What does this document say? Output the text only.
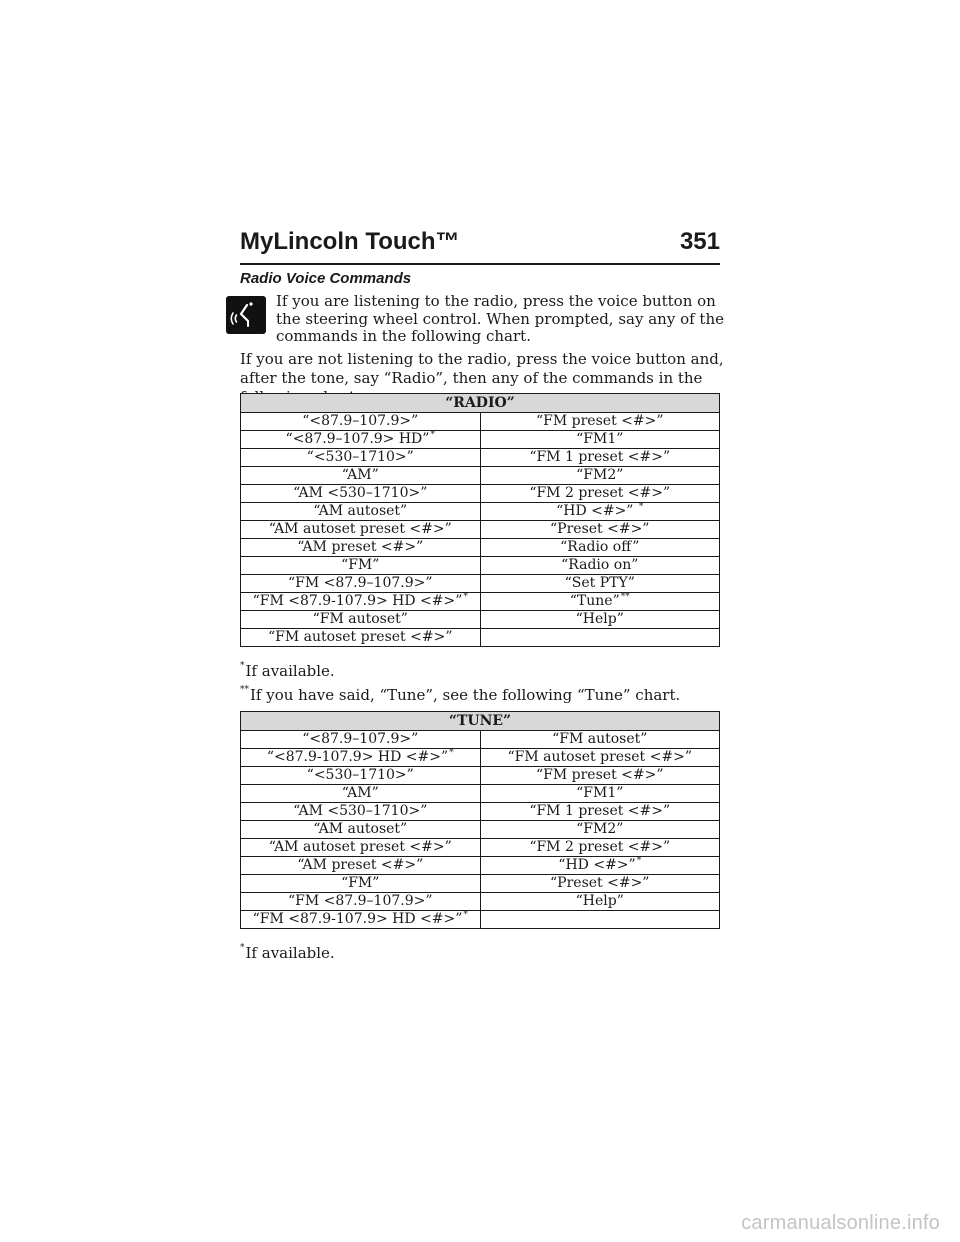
MyLincoln Touch™	351
Radio Voice Commands
If you are listening to the radio, press the voice button on the steering wheel control. When prompted, say any of the commands in the following chart.
If you are not listening to the radio, press the voice button and, after the tone, say “Radio”, then any of the commands in the
“RADIO”	
“<87.9–107.9>”	“FM preset <#>”
“<87.9–107.9> HD”*	“FM1”
“<530–1710>”	“FM 1 preset <#>”
“AM”	“FM2”
“AM <530–1710>”	“FM 2 preset <#>”
“AM autoset”	“HD <#>” *
“AM autoset preset <#>”	“Preset <#>”
“AM preset <#>”	“Radio off”
“FM”	“Radio on”
“FM <87.9–107.9>”	“Set PTY”
“FM <87.9-107.9> HD <#>”*	“Tune”**
“FM autoset”	“Help”
“FM autoset preset <#>”	
*If available.
**If you have said, “Tune”, see the following “Tune” chart.
“TUNE”	
“<87.9–107.9>”	“FM autoset”
“<87.9-107.9> HD <#>”*	“FM autoset preset <#>”
“<530–1710>”	“FM preset <#>”
“AM”	“FM1”
“AM <530–1710>”	“FM 1 preset <#>”
“AM autoset”	“FM2”
“AM autoset preset <#>”	“FM 2 preset <#>”
“AM preset <#>”	“HD <#>”*
“FM”	“Preset <#>”
“FM <87.9–107.9>”	“Help”
“FM <87.9-107.9> HD <#>”*	
*If available.
carmanualsonline.info
